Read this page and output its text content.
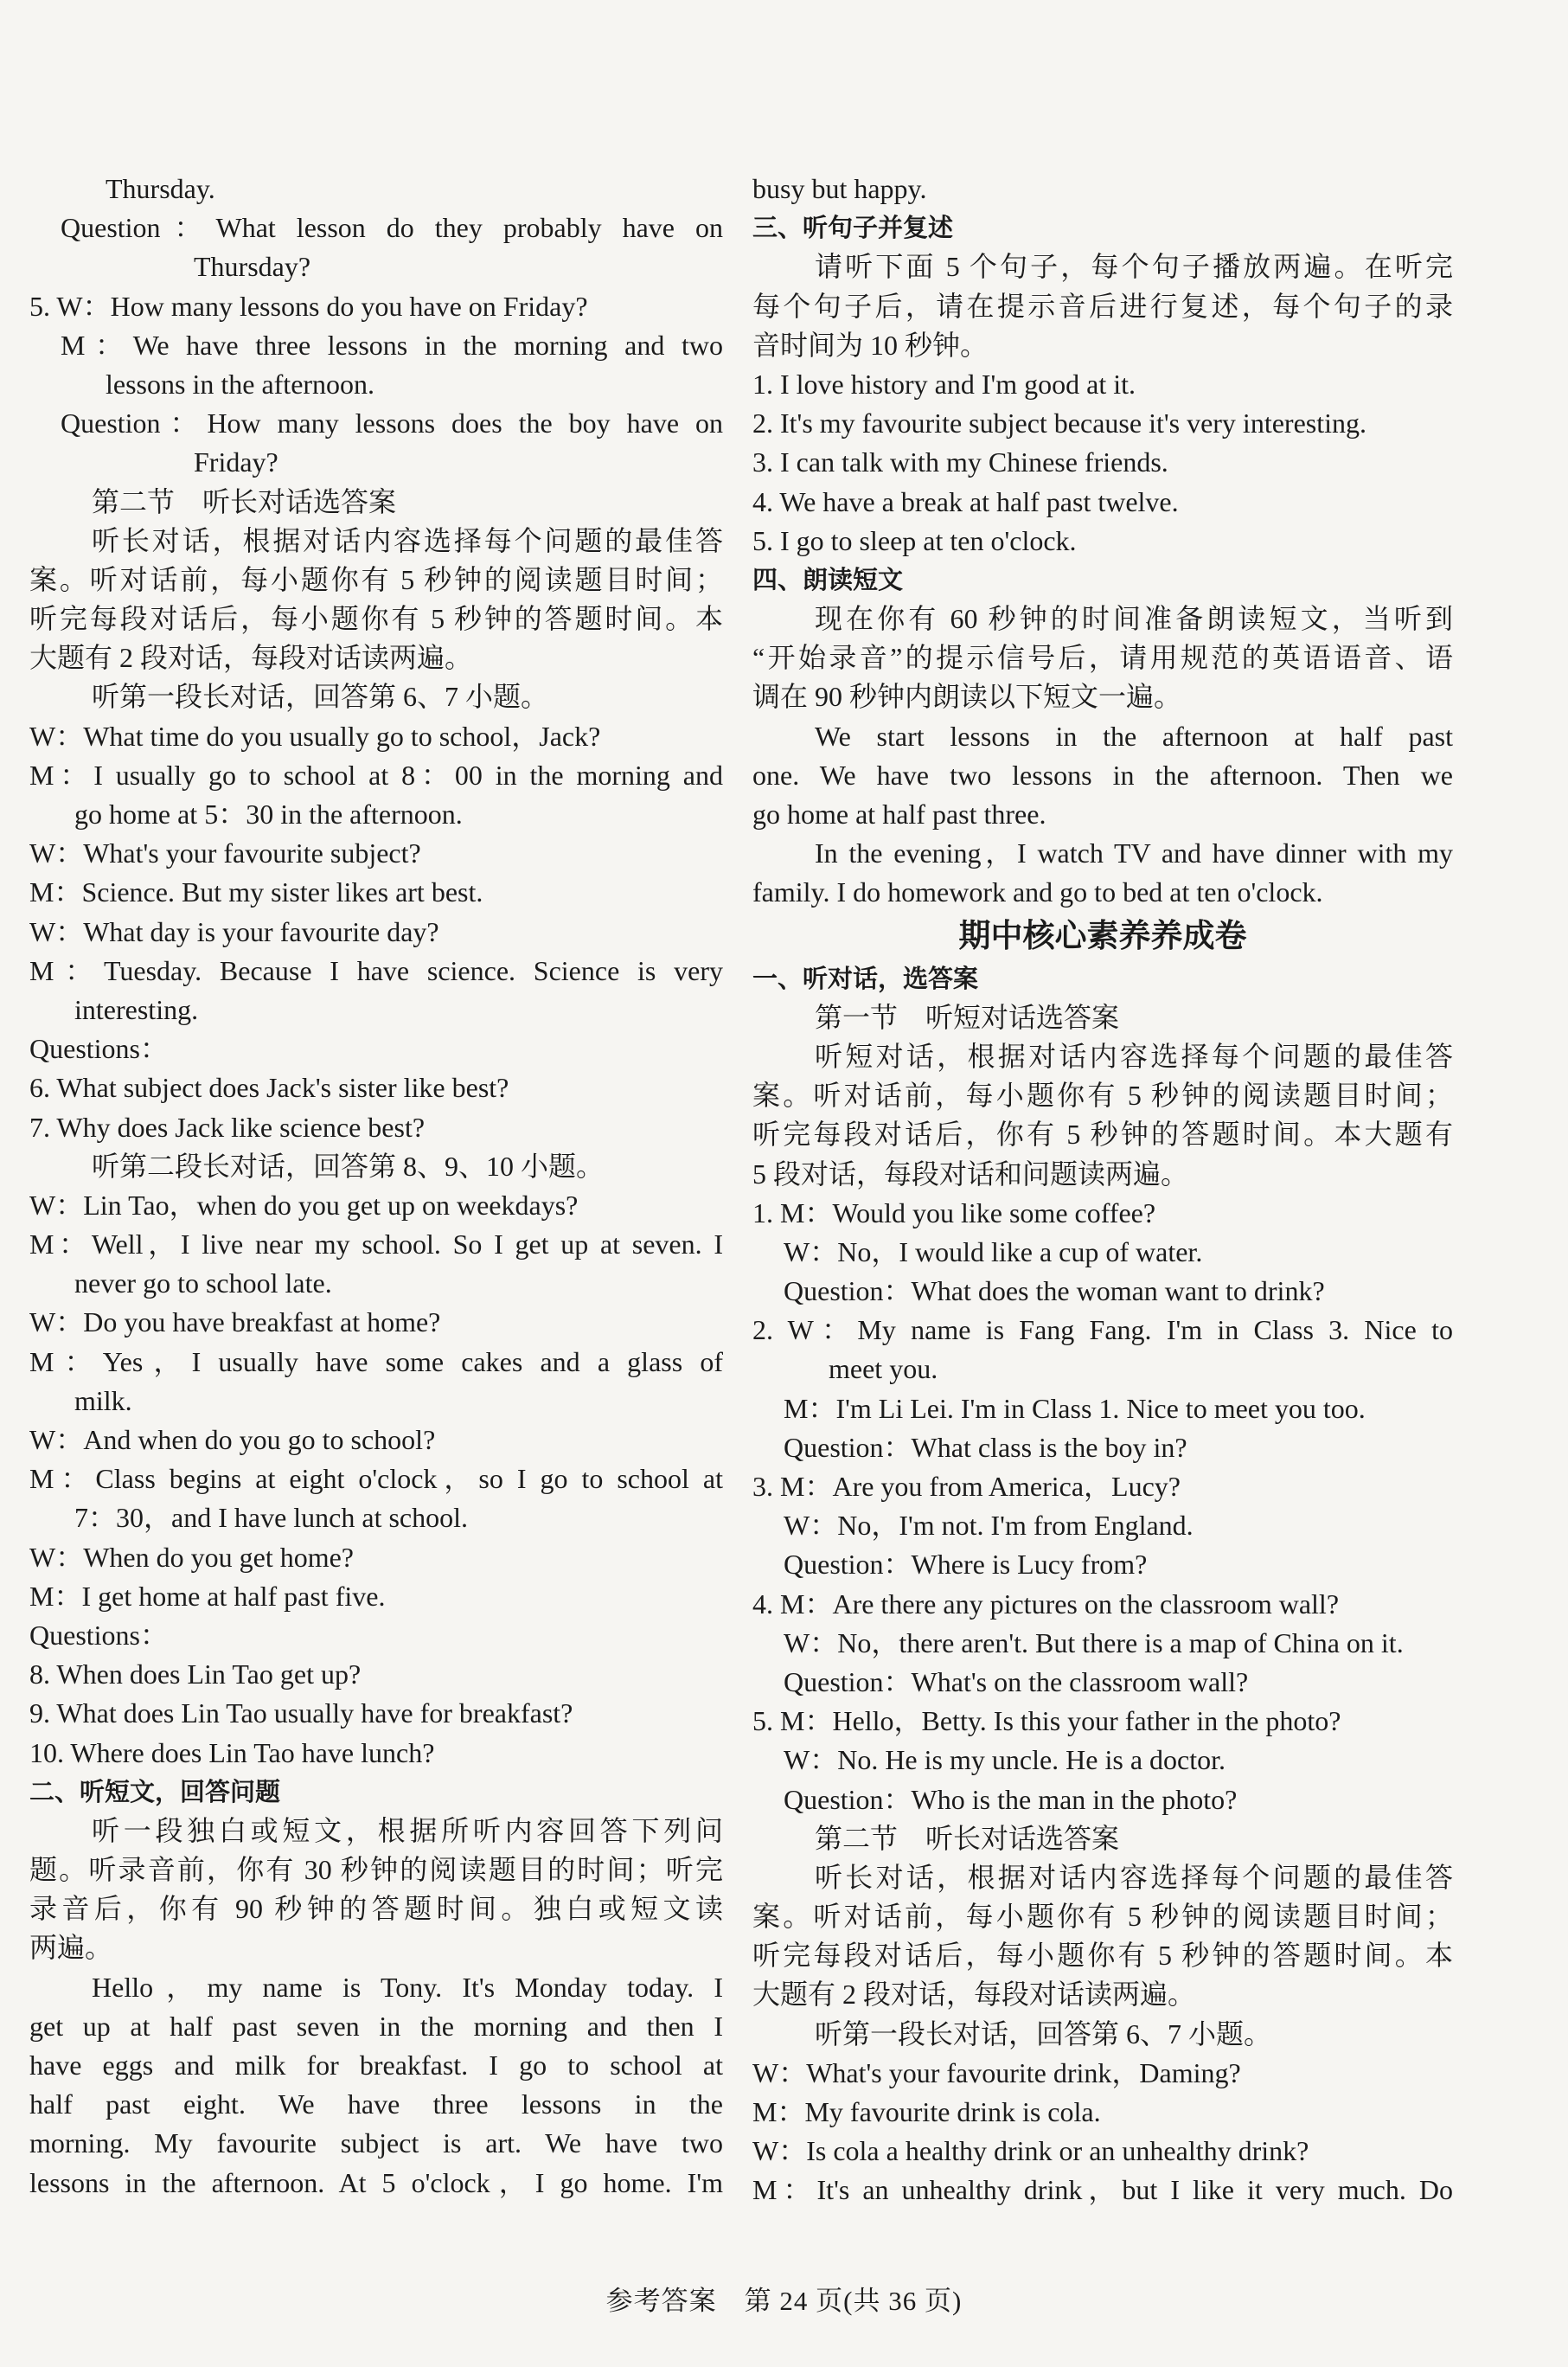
Thursday.
Question：What lesson do they probably have on
Thursday?
5. W：How many lessons do you have on Friday?
M：We have three lessons in the morning and two
lessons in the afternoon.
Question：How many lessons does the boy have on
Friday?
第二节　听长对话选答案
听长对话，根据对话内容选择每个问题的最佳答
案。听对话前，每小题你有 5 秒钟的阅读题目时间；
听完每段对话后，每小题你有 5 秒钟的答题时间。本
大题有 2 段对话，每段对话读两遍。
听第一段长对话，回答第 6、7 小题。
W：What time do you usually go to school，Jack?
M：I usually go to school at 8：00 in the morning and
go home at 5：30 in the afternoon.
W：What's your favourite subject?
M：Science. But my sister likes art best.
W：What day is your favourite day?
M：Tuesday. Because I have science. Science is very
interesting.
Questions：
6. What subject does Jack's sister like best?
7. Why does Jack like science best?
听第二段长对话，回答第 8、9、10 小题。
W：Lin Tao，when do you get up on weekdays?
M：Well，I live near my school. So I get up at seven. I
never go to school late.
W：Do you have breakfast at home?
M：Yes，I usually have some cakes and a glass of
milk.
W：And when do you go to school?
M：Class begins at eight o'clock，so I go to school at
7：30，and I have lunch at school.
W：When do you get home?
M：I get home at half past five.
Questions：
8. When does Lin Tao get up?
9. What does Lin Tao usually have for breakfast?
10. Where does Lin Tao have lunch?
二、听短文，回答问题
听一段独白或短文，根据所听内容回答下列问
题。听录音前，你有 30 秒钟的阅读题目的时间；听完
录音后，你有 90 秒钟的答题时间。独白或短文读
两遍。
Hello，my name is Tony. It's Monday today. I
get up at half past seven in the morning and then I
have eggs and milk for breakfast. I go to school at
half past eight. We have three lessons in the
morning. My favourite subject is art. We have two
lessons in the afternoon. At 5 o'clock，I go home. I'm
busy but happy.
三、听句子并复述
请听下面 5 个句子，每个句子播放两遍。在听完
每个句子后，请在提示音后进行复述，每个句子的录
音时间为 10 秒钟。
1. I love history and I'm good at it.
2. It's my favourite subject because it's very interesting.
3. I can talk with my Chinese friends.
4. We have a break at half past twelve.
5. I go to sleep at ten o'clock.
四、朗读短文
现在你有 60 秒钟的时间准备朗读短文，当听到
“开始录音”的提示信号后，请用规范的英语语音、语
调在 90 秒钟内朗读以下短文一遍。
We start lessons in the afternoon at half past
one. We have two lessons in the afternoon. Then we
go home at half past three.
In the evening，I watch TV and have dinner with my
family. I do homework and go to bed at ten o'clock.
期中核心素养养成卷
一、听对话，选答案
第一节　听短对话选答案
听短对话，根据对话内容选择每个问题的最佳答
案。听对话前，每小题你有 5 秒钟的阅读题目时间；
听完每段对话后，你有 5 秒钟的答题时间。本大题有
5 段对话，每段对话和问题读两遍。
1. M：Would you like some coffee?
W：No，I would like a cup of water.
Question：What does the woman want to drink?
2. W：My name is Fang Fang. I'm in Class 3. Nice to
meet you.
M：I'm Li Lei. I'm in Class 1. Nice to meet you too.
Question：What class is the boy in?
3. M：Are you from America，Lucy?
W：No，I'm not. I'm from England.
Question：Where is Lucy from?
4. M：Are there any pictures on the classroom wall?
W：No，there aren't. But there is a map of China on it.
Question：What's on the classroom wall?
5. M：Hello，Betty. Is this your father in the photo?
W：No. He is my uncle. He is a doctor.
Question：Who is the man in the photo?
第二节　听长对话选答案
听长对话，根据对话内容选择每个问题的最佳答
案。听对话前，每小题你有 5 秒钟的阅读题目时间；
听完每段对话后，每小题你有 5 秒钟的答题时间。本
大题有 2 段对话，每段对话读两遍。
听第一段长对话，回答第 6、7 小题。
W：What's your favourite drink，Daming?
M：My favourite drink is cola.
W：Is cola a healthy drink or an unhealthy drink?
M：It's an unhealthy drink，but I like it very much. Do
参考答案　第 24 页(共 36 页)
